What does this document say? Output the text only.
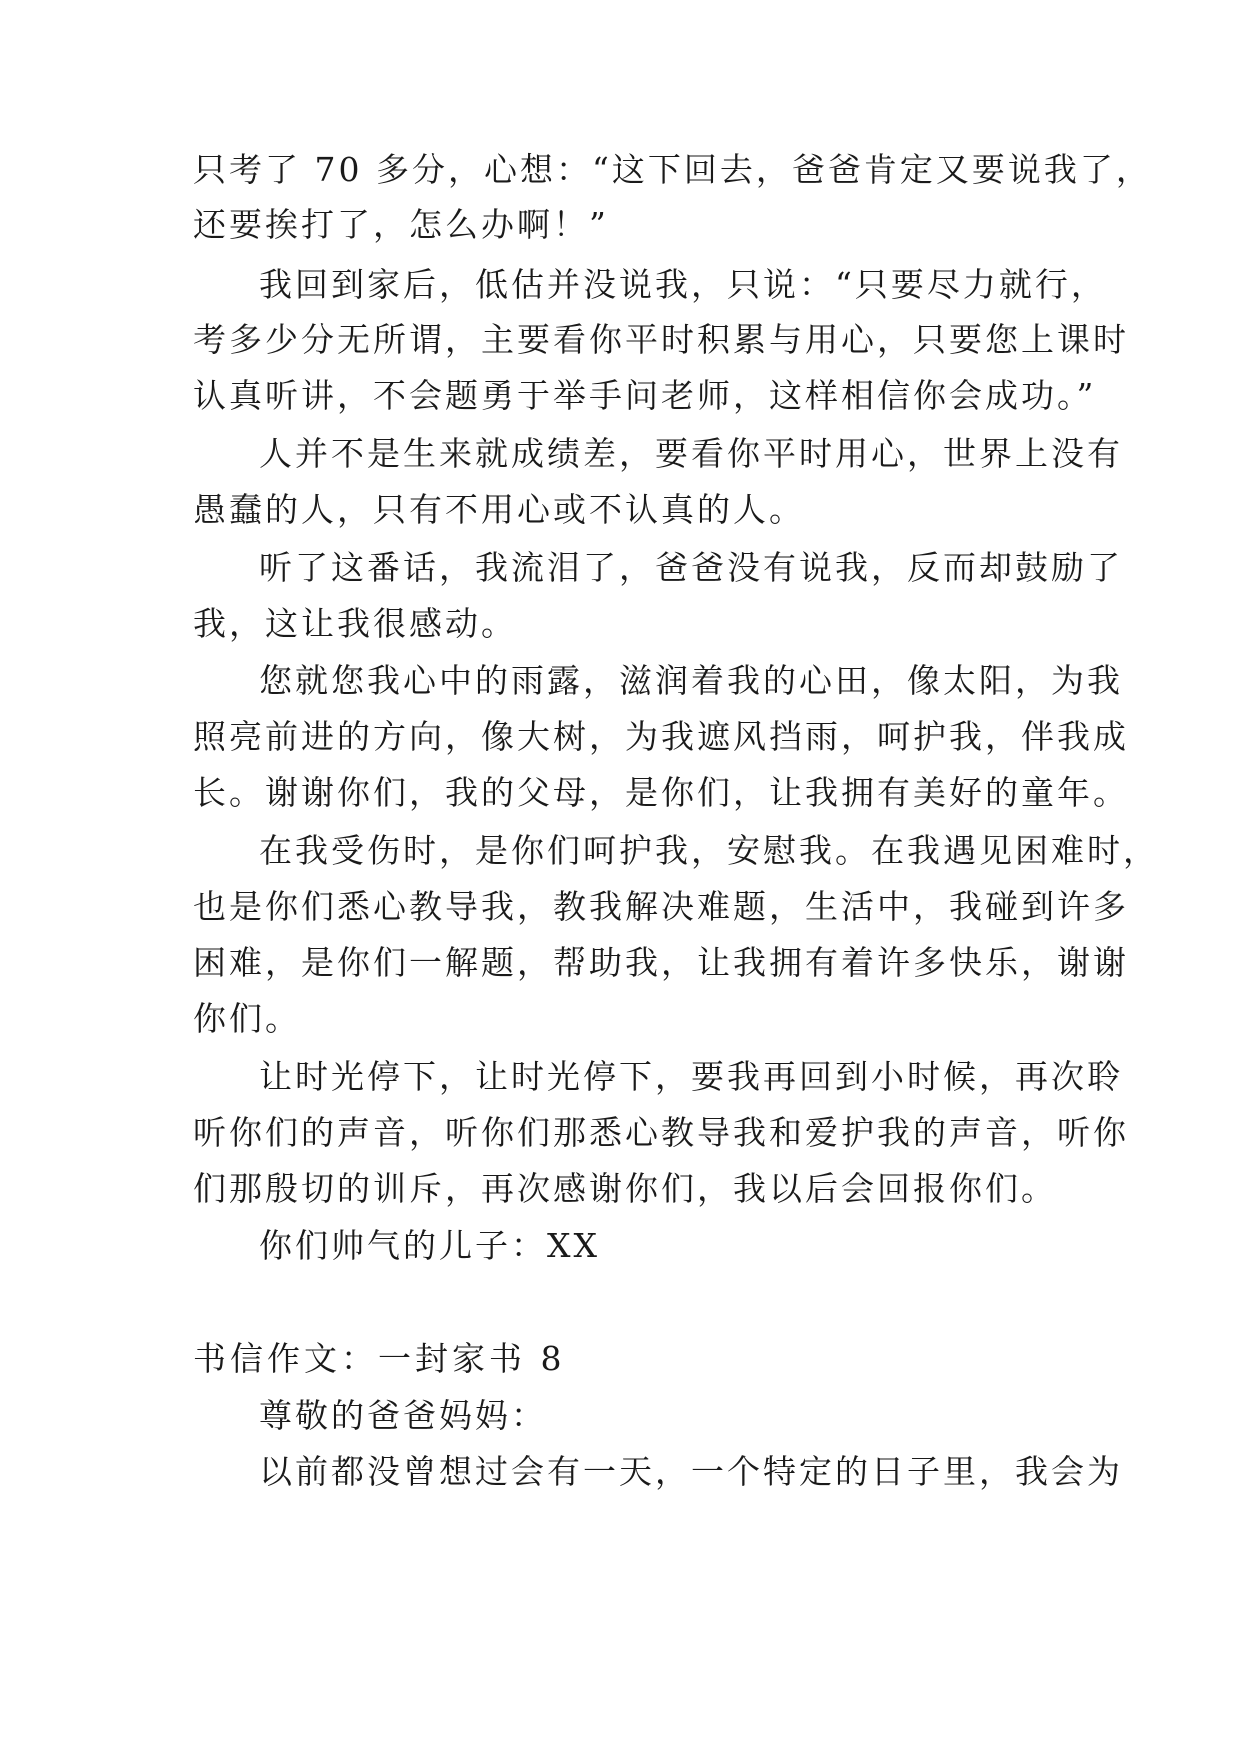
只考了 70 多分，心想：“这下回去，爸爸肯定又要说我了，
还要挨打了，怎么办啊！”
我回到家后，低估并没说我，只说：“只要尽力就行，
考多少分无所谓，主要看你平时积累与用心，只要您上课时
认真听讲，不会题勇于举手问老师，这样相信你会成功。”
人并不是生来就成绩差，要看你平时用心，世界上没有
愚蠢的人，只有不用心或不认真的人。
听了这番话，我流泪了，爸爸没有说我，反而却鼓励了
我，这让我很感动。
您就您我心中的雨露，滋润着我的心田，像太阳，为我
照亮前进的方向，像大树，为我遮风挡雨，呵护我，伴我成
长。谢谢你们，我的父母，是你们，让我拥有美好的童年。
在我受伤时，是你们呵护我，安慰我。在我遇见困难时，
也是你们悉心教导我，教我解决难题，生活中，我碰到许多
困难，是你们一解题，帮助我，让我拥有着许多快乐，谢谢
你们。
让时光停下，让时光停下，要我再回到小时候，再次聆
听你们的声音，听你们那悉心教导我和爱护我的声音，听你
们那殷切的训斥，再次感谢你们，我以后会回报你们。
你们帅气的儿子：XX
书信作文：一封家书 8
尊敬的爸爸妈妈：
以前都没曾想过会有一天，一个特定的日子里，我会为
